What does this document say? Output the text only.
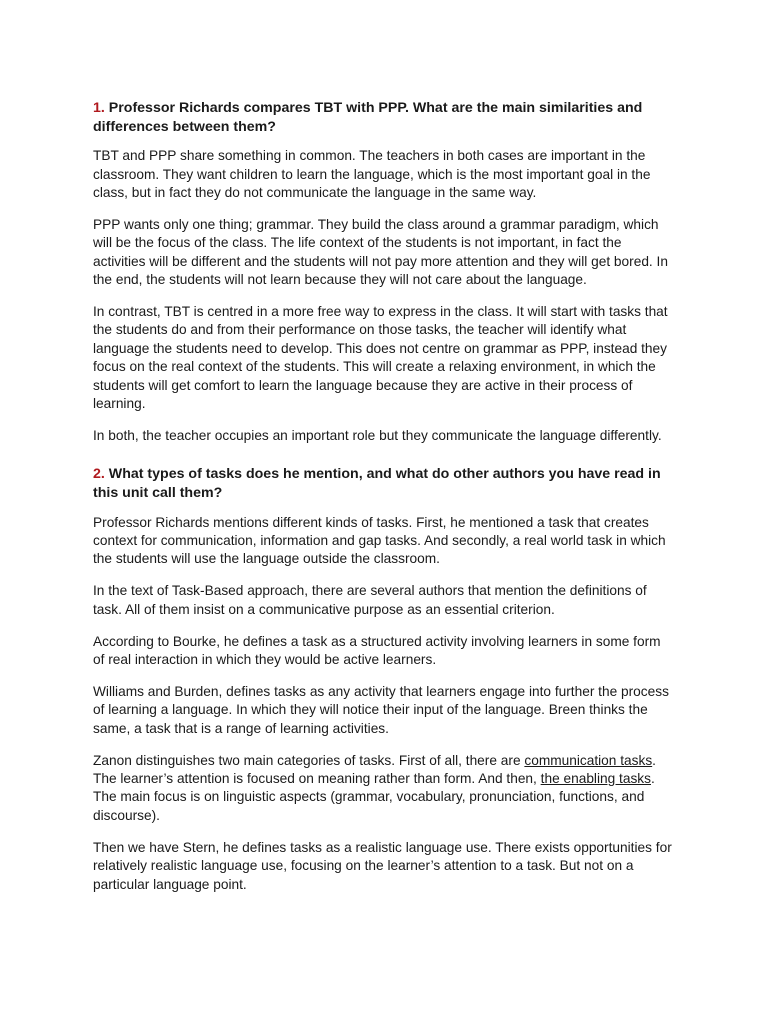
1. Professor Richards compares TBT with PPP. What are the main similarities and differences between them?

TBT and PPP share something in common. The teachers in both cases are important in the classroom. They want children to learn the language, which is the most important goal in the class, but in fact they do not communicate the language in the same way.

PPP wants only one thing; grammar. They build the class around a grammar paradigm, which will be the focus of the class. The life context of the students is not important, in fact the activities will be different and the students will not pay more attention and they will get bored. In the end, the students will not learn because they will not care about the language.

In contrast, TBT is centred in a more free way to express in the class. It will start with tasks that the students do and from their performance on those tasks, the teacher will identify what language the students need to develop. This does not centre on grammar as PPP, instead they focus on the real context of the students. This will create a relaxing environment, in which the students will get comfort to learn the language because they are active in their process of learning.

In both, the teacher occupies an important role but they communicate the language differently.

2. What types of tasks does he mention, and what do other authors you have read in this unit call them?

Professor Richards mentions different kinds of tasks. First, he mentioned a task that creates context for communication, information and gap tasks. And secondly, a real world task in which the students will use the language outside the classroom.

In the text of Task-Based approach, there are several authors that mention the definitions of task. All of them insist on a communicative purpose as an essential criterion.

According to Bourke, he defines a task as a structured activity involving learners in some form of real interaction in which they would be active learners.

Williams and Burden, defines tasks as any activity that learners engage into further the process of learning a language. In which they will notice their input of the language. Breen thinks the same, a task that is a range of learning activities.

Zanon distinguishes two main categories of tasks. First of all, there are communication tasks. The learner’s attention is focused on meaning rather than form. And then, the enabling tasks. The main focus is on linguistic aspects (grammar, vocabulary, pronunciation, functions, and discourse).

Then we have Stern, he defines tasks as a realistic language use. There exists opportunities for relatively realistic language use, focusing on the learner’s attention to a task. But not on a particular language point.
